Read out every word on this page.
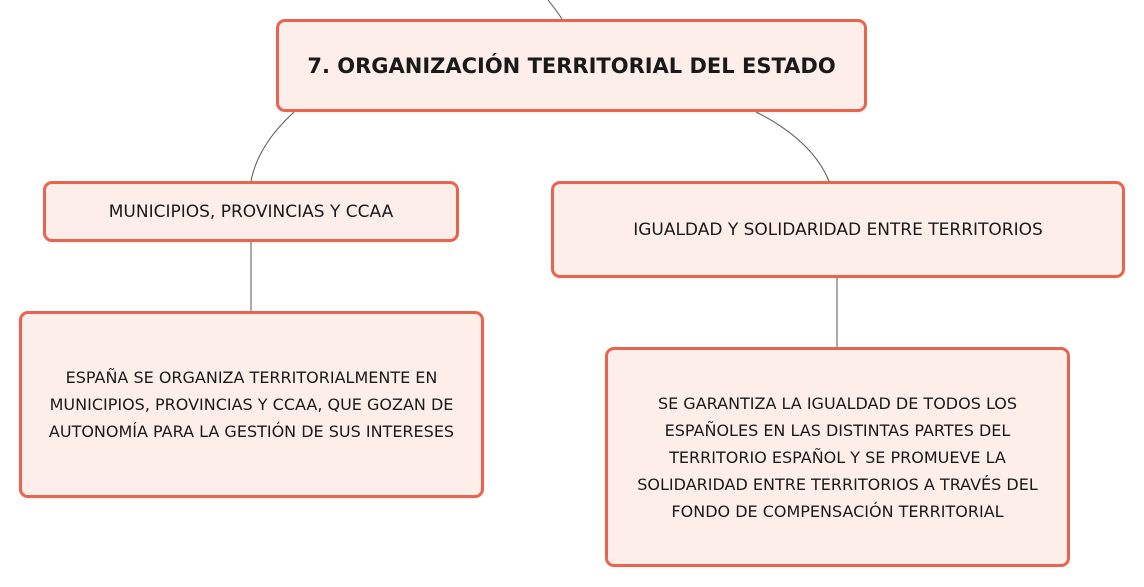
7. ORGANIZACIÓN TERRITORIAL DEL ESTADO
MUNICIPIOS, PROVINCIAS Y CCAA
IGUALDAD Y SOLIDARIDAD ENTRE TERRITORIOS
ESPAÑA SE ORGANIZA TERRITORIALMENTE EN MUNICIPIOS, PROVINCIAS Y CCAA, QUE GOZAN DE AUTONOMÍA PARA LA GESTIÓN DE SUS INTERESES
SE GARANTIZA LA IGUALDAD DE TODOS LOS ESPAÑOLES EN LAS DISTINTAS PARTES DEL TERRITORIO ESPAÑOL Y SE PROMUEVE LA SOLIDARIDAD ENTRE TERRITORIOS A TRAVÉS DEL FONDO DE COMPENSACIÓN TERRITORIAL
